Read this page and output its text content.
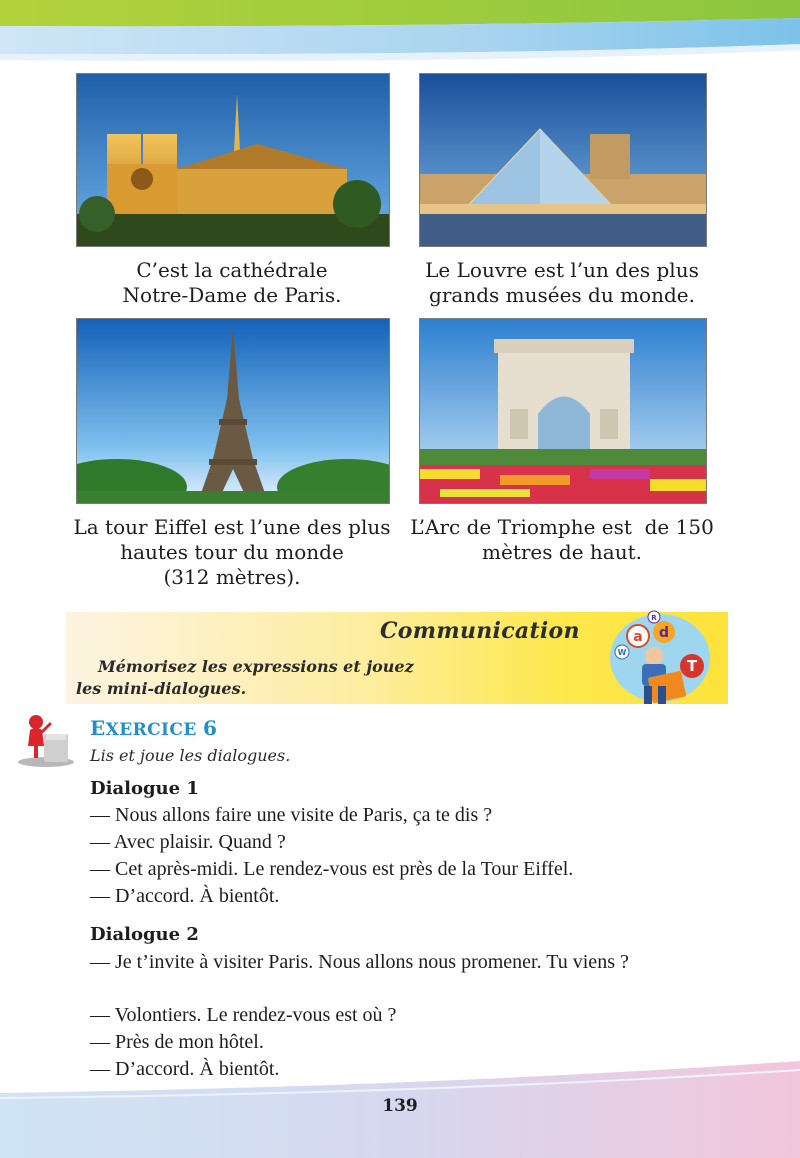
C’est la cathédrale
Notre-Dame de Paris.
Le Louvre est l’un des plus
grands musées du monde.
La tour Eiffel est l’une des plus
hautes tour du monde
(312 mètres).
L’Arc de Triomphe est  de 150
mètres de haut.
Communication
Mémorisez les expressions et jouez
les mini-dialogues.
a d
R
W
T
EXERCICE 6
Lis et joue les dialogues.
Dialogue 1
— Nous allons faire une visite de Paris, ça te dis ?
— Avec plaisir. Quand ?
— Cet après-midi. Le rendez-vous est près de la Tour Eiffel.
— D’accord. À bientôt.
Dialogue 2
— Je t’invite à visiter Paris. Nous allons nous promener. Tu viens ?
— Volontiers. Le rendez-vous est où ?
— Près de mon hôtel.
— D’accord. À bientôt.
139
